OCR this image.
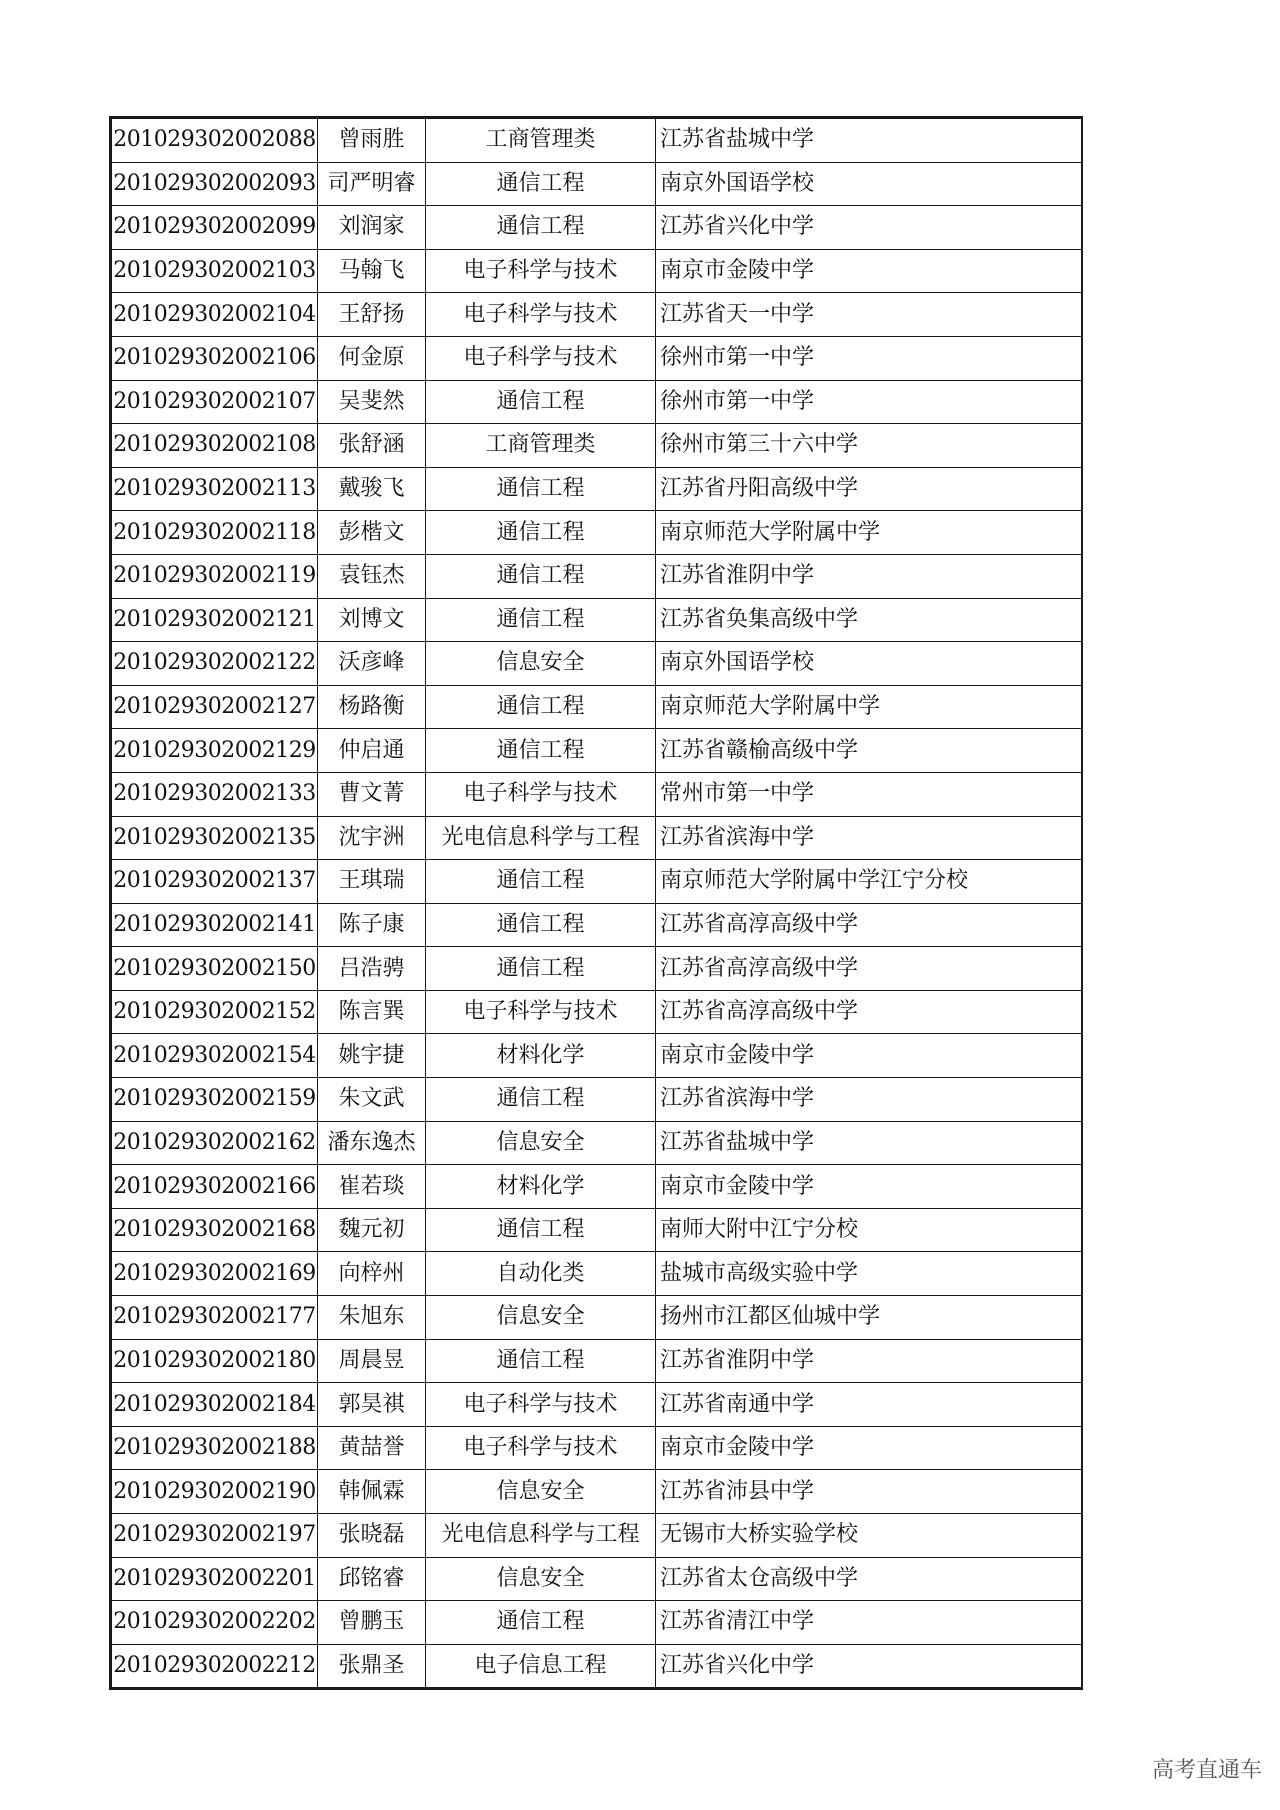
201029302002088	曾雨胜	工商管理类	江苏省盐城中学
201029302002093	司严明睿	通信工程	南京外国语学校
201029302002099	刘润家	通信工程	江苏省兴化中学
201029302002103	马翰飞	电子科学与技术	南京市金陵中学
201029302002104	王舒扬	电子科学与技术	江苏省天一中学
201029302002106	何金原	电子科学与技术	徐州市第一中学
201029302002107	吴斐然	通信工程	徐州市第一中学
201029302002108	张舒涵	工商管理类	徐州市第三十六中学
201029302002113	戴骏飞	通信工程	江苏省丹阳高级中学
201029302002118	彭楷文	通信工程	南京师范大学附属中学
201029302002119	袁钰杰	通信工程	江苏省淮阴中学
201029302002121	刘博文	通信工程	江苏省奂集高级中学
201029302002122	沃彦峰	信息安全	南京外国语学校
201029302002127	杨路衡	通信工程	南京师范大学附属中学
201029302002129	仲启通	通信工程	江苏省赣榆高级中学
201029302002133	曹文菁	电子科学与技术	常州市第一中学
201029302002135	沈宇洲	光电信息科学与工程	江苏省滨海中学
201029302002137	王琪瑞	通信工程	南京师范大学附属中学江宁分校
201029302002141	陈子康	通信工程	江苏省高淳高级中学
201029302002150	吕浩骋	通信工程	江苏省高淳高级中学
201029302002152	陈言巽	电子科学与技术	江苏省高淳高级中学
201029302002154	姚宇捷	材料化学	南京市金陵中学
201029302002159	朱文武	通信工程	江苏省滨海中学
201029302002162	潘东逸杰	信息安全	江苏省盐城中学
201029302002166	崔若琰	材料化学	南京市金陵中学
201029302002168	魏元初	通信工程	南师大附中江宁分校
201029302002169	向梓州	自动化类	盐城市高级实验中学
201029302002177	朱旭东	信息安全	扬州市江都区仙城中学
201029302002180	周晨昱	通信工程	江苏省淮阴中学
201029302002184	郭昊祺	电子科学与技术	江苏省南通中学
201029302002188	黄喆誉	电子科学与技术	南京市金陵中学
201029302002190	韩佩霖	信息安全	江苏省沛县中学
201029302002197	张晓磊	光电信息科学与工程	无锡市大桥实验学校
201029302002201	邱铭睿	信息安全	江苏省太仓高级中学
201029302002202	曾鹏玉	通信工程	江苏省清江中学
201029302002212	张鼎圣	电子信息工程	江苏省兴化中学
高考直通车
